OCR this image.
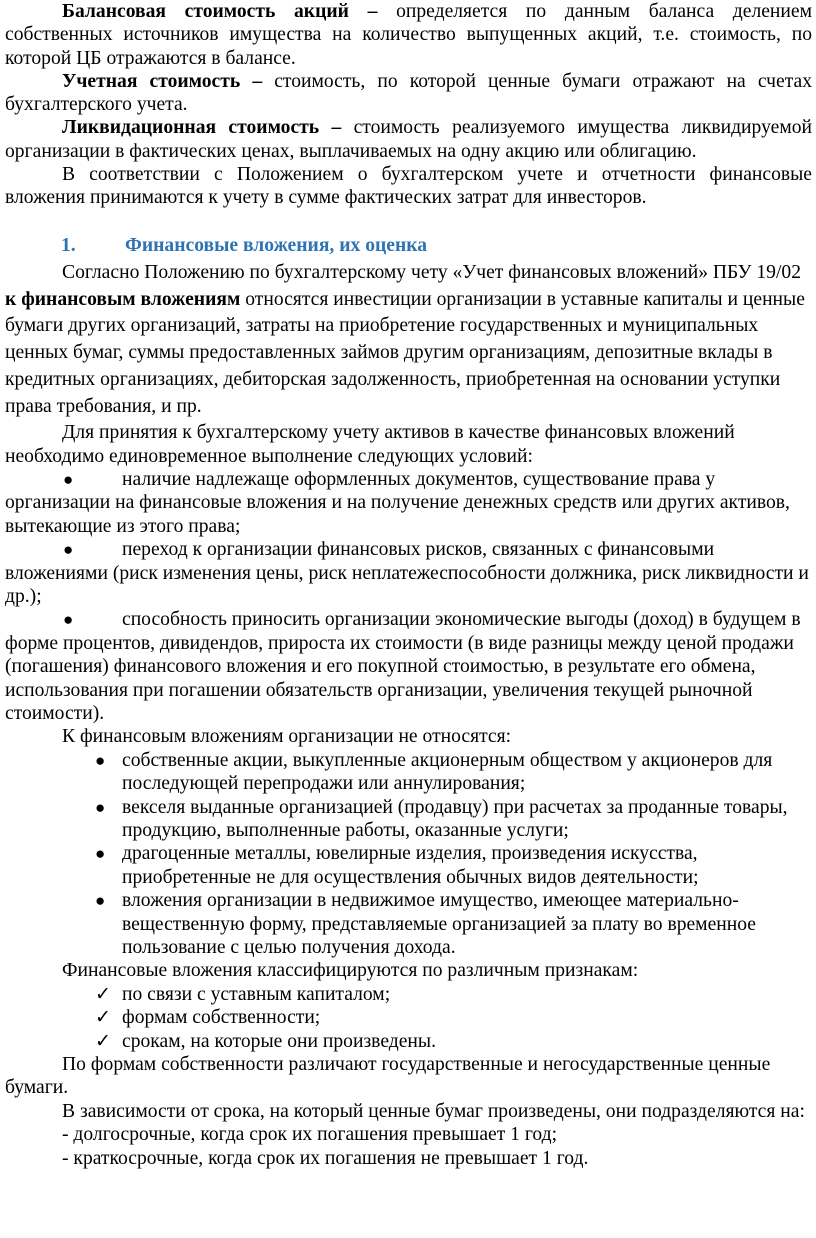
Балансовая стоимость акций – определяется по данным баланса делением собственных источников имущества на количество выпущенных акций, т.е. стоимость, по которой ЦБ отражаются в балансе.

Учетная стоимость – стоимость, по которой ценные бумаги отражают на счетах бухгалтерского учета.

Ликвидационная стоимость – стоимость реализуемого имущества ликвидируемой организации в фактических ценах, выплачиваемых на одну акцию или облигацию.

В соответствии с Положением о бухгалтерском учете и отчетности финансовые вложения принимаются к учету в сумме фактических затрат для инвесторов.

1.	Финансовые вложения, их оценка

Согласно Положению по бухгалтерскому чету «Учет финансовых вложений» ПБУ 19/02 к финансовым вложениям относятся инвестиции организации в уставные капиталы и ценные бумаги других организаций, затраты на приобретение государственных и муниципальных ценных бумаг, суммы предоставленных займов другим организациям, депозитные вклады в кредитных организациях, дебиторская задолженность, приобретенная на основании уступки права требования, и пр.

Для принятия к бухгалтерскому учету активов в качестве финансовых вложений необходимо единовременное выполнение следующих условий:

● наличие надлежаще оформленных документов, существование права у организации на финансовые вложения и на получение денежных средств или других активов, вытекающие из этого права;
● переход к организации финансовых рисков, связанных с финансовыми вложениями (риск изменения цены, риск неплатежеспособности должника, риск ликвидности и др.);
● способность приносить организации экономические выгоды (доход) в будущем в форме процентов, дивидендов, прироста их стоимости (в виде разницы между ценой продажи (погашения) финансового вложения и его покупной стоимостью, в результате его обмена, использования при погашении обязательств организации, увеличения текущей рыночной стоимости).

К финансовым вложениям организации не относятся:

● собственные акции, выкупленные акционерным обществом у акционеров для последующей перепродажи или аннулирования;
● векселя выданные организацией (продавцу) при расчетах за проданные товары, продукцию, выполненные работы, оказанные услуги;
● драгоценные металлы, ювелирные изделия, произведения искусства, приобретенные не для осуществления обычных видов деятельности;
● вложения организации в недвижимое имущество, имеющее материально-вещественную форму, представляемые организацией за плату во временное пользование с целью получения дохода.

Финансовые вложения классифицируются по различным признакам:

✓ по связи с уставным капиталом;
✓ формам собственности;
✓ срокам, на которые они произведены.

По формам собственности различают государственные и негосударственные ценные бумаги.

В зависимости от срока, на который ценные бумаг произведены, они подразделяются на:

- долгосрочные, когда срок их погашения превышает 1 год;

- краткосрочные, когда срок их погашения не превышает 1 год.
